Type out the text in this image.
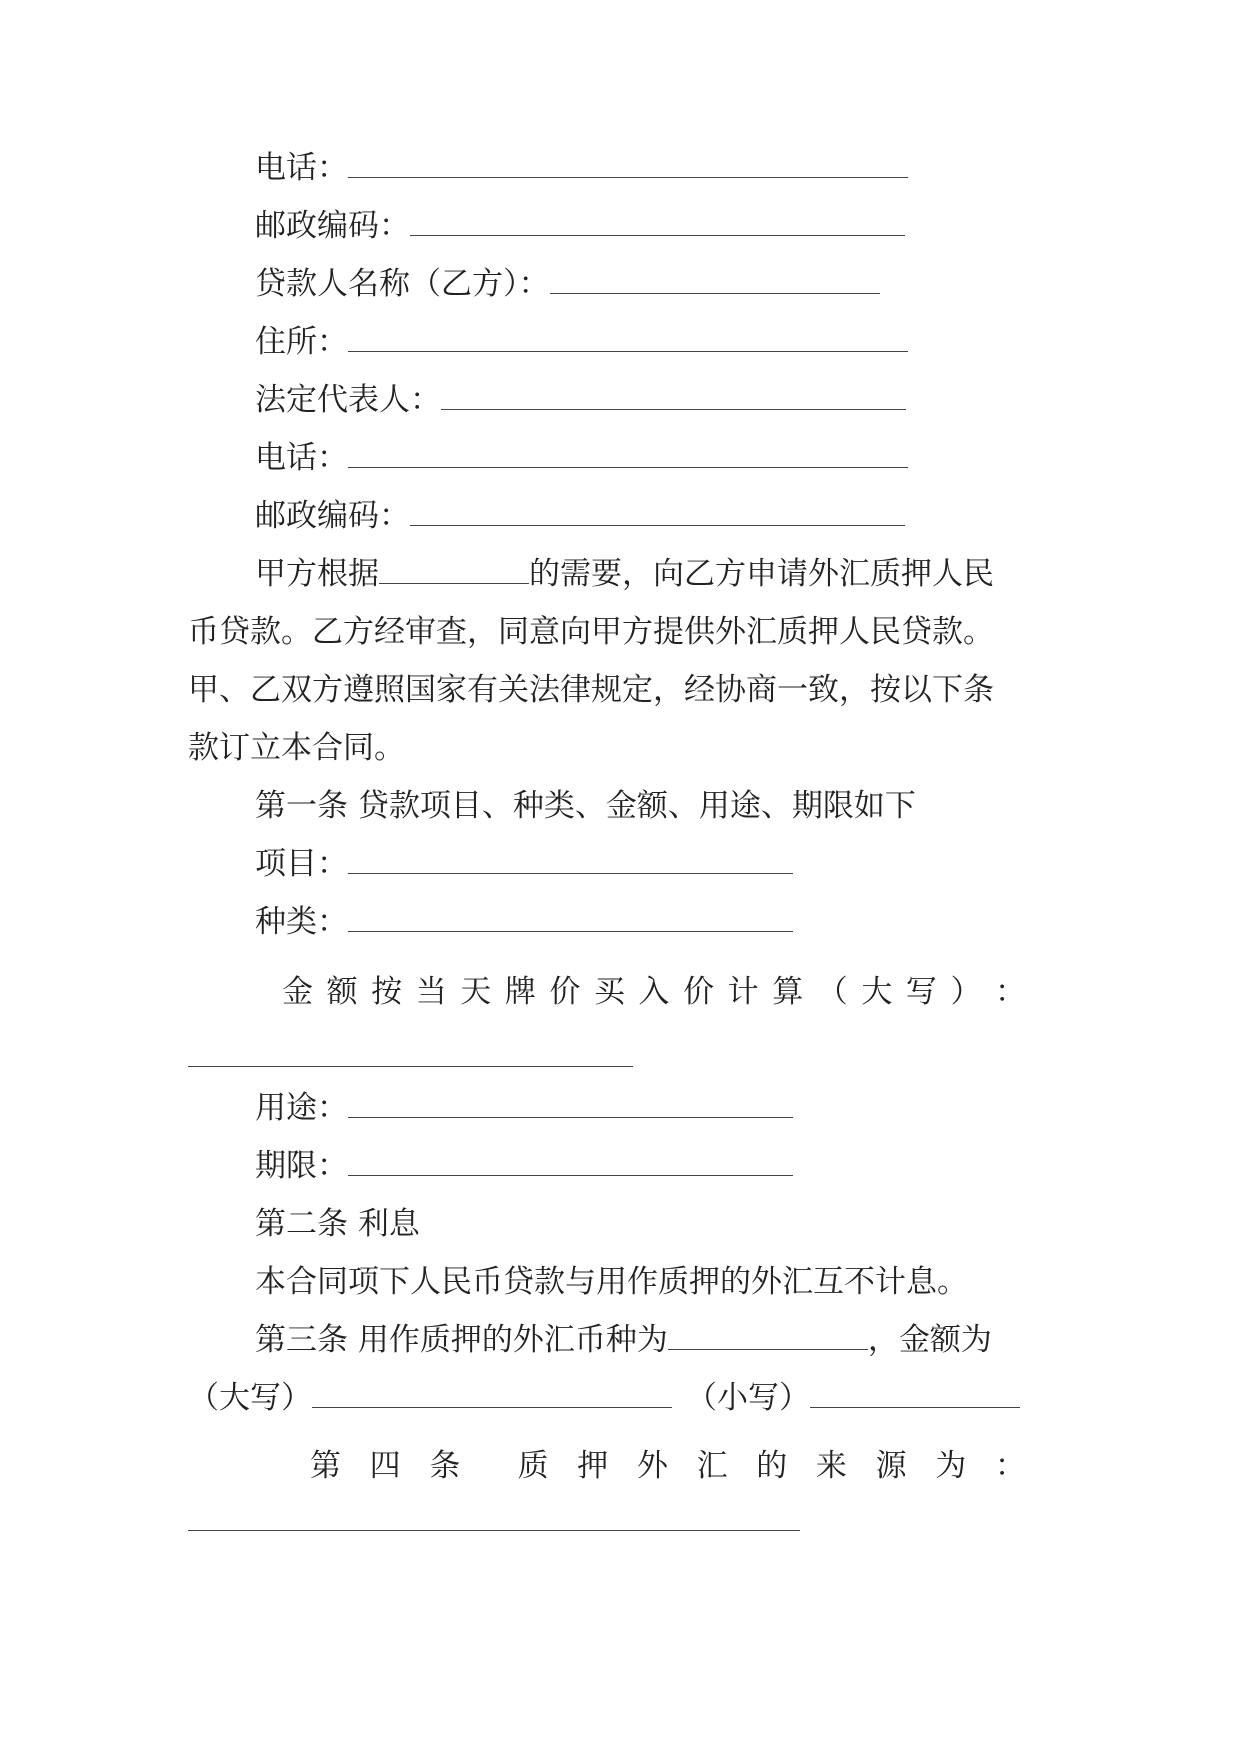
电话：
邮政编码：
贷款人名称（乙方）：
住所：
法定代表人：
电话：
邮政编码：
甲方根据	的需要，向乙方申请外汇质押人民
币贷款。乙方经审查，同意向甲方提供外汇质押人民贷款。
甲、乙双方遵照国家有关法律规定，经协商一致，按以下条
款订立本合同。
第一条 贷款项目、种类、金额、用途、期限如下
项目：
种类：
金 额 按 当 天 牌 价 买 入 价 计 算 （ 大 写 ） ：
用途：
期限：
第二条 利息
本合同项下人民币贷款与用作质押的外汇互不计息。
第三条 用作质押的外汇币种为	，金额为
（大写）	（小写）
第 四 条 质 押 外 汇 的 来 源 为 ：
